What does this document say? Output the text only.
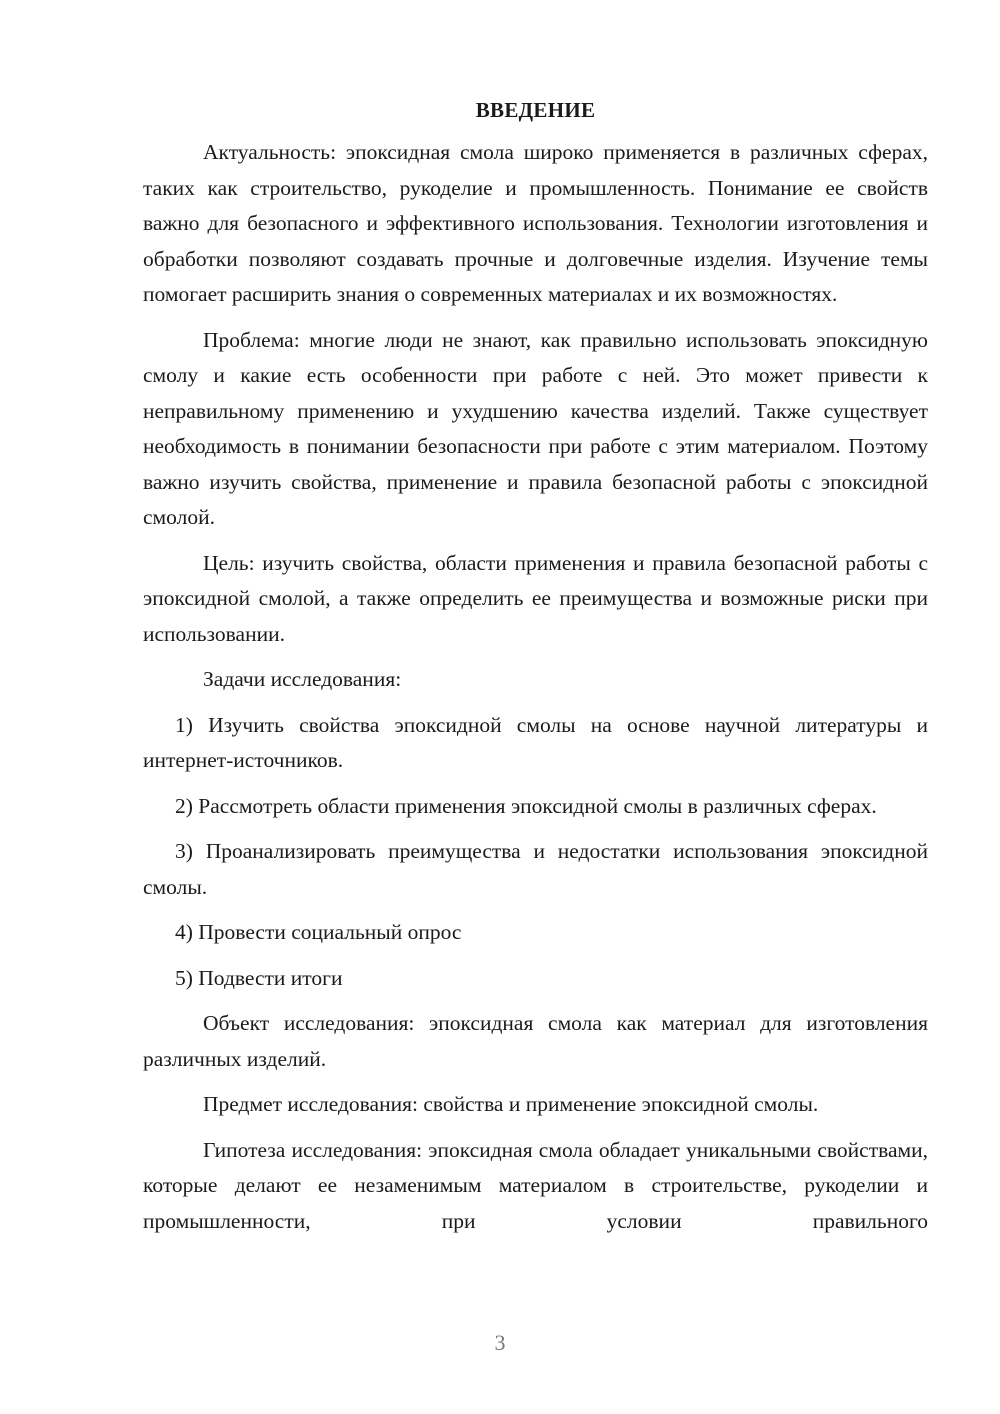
ВВЕДЕНИЕ

Актуальность: эпоксидная смола широко применяется в различных сферах, таких как строительство, рукоделие и промышленность. Понимание ее свойств важно для безопасного и эффективного использования. Технологии изготовления и обработки позволяют создавать прочные и долговечные изделия. Изучение темы помогает расширить знания о современных материалах и их возможностях.

Проблема: многие люди не знают, как правильно использовать эпоксидную смолу и какие есть особенности при работе с ней. Это может привести к неправильному применению и ухудшению качества изделий. Также существует необходимость в понимании безопасности при работе с этим материалом. Поэтому важно изучить свойства, применение и правила безопасной работы с эпоксидной смолой.

Цель: изучить свойства, области применения и правила безопасной работы с эпоксидной смолой, а также определить ее преимущества и возможные риски при использовании.

Задачи исследования:

1) Изучить свойства эпоксидной смолы на основе научной литературы и интернет-источников.

2) Рассмотреть области применения эпоксидной смолы в различных сферах.

3) Проанализировать преимущества и недостатки использования эпоксидной смолы.

4) Провести социальный опрос

5) Подвести итоги

Объект исследования: эпоксидная смола как материал для изготовления различных изделий.

Предмет исследования: свойства и применение эпоксидной смолы.

Гипотеза исследования: эпоксидная смола обладает уникальными свойствами, которые делают ее незаменимым материалом в строительстве, рукоделии и промышленности, при условии правильного

3
